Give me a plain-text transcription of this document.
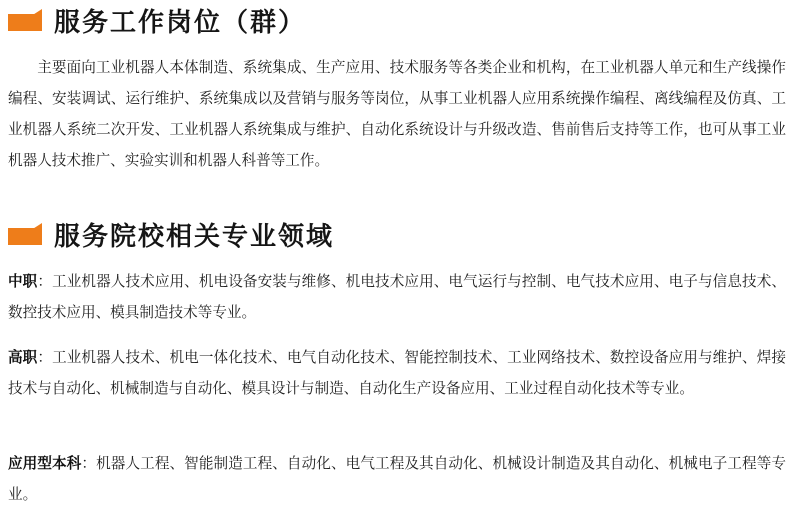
服务工作岗位（群）

主要面向工业机器人本体制造、系统集成、生产应用、技术服务等各类企业和机构，在工业机器人单元和生产线操作编程、安装调试、运行维护、系统集成以及营销与服务等岗位，从事工业机器人应用系统操作编程、离线编程及仿真、工业机器人系统二次开发、工业机器人系统集成与维护、自动化系统设计与升级改造、售前售后支持等工作，也可从事工业机器人技术推广、实验实训和机器人科普等工作。

服务院校相关专业领域

中职：工业机器人技术应用、机电设备安装与维修、机电技术应用、电气运行与控制、电气技术应用、电子与信息技术、数控技术应用、模具制造技术等专业。

高职：工业机器人技术、机电一体化技术、电气自动化技术、智能控制技术、工业网络技术、数控设备应用与维护、焊接技术与自动化、机械制造与自动化、模具设计与制造、自动化生产设备应用、工业过程自动化技术等专业。

应用型本科：机器人工程、智能制造工程、自动化、电气工程及其自动化、机械设计制造及其自动化、机械电子工程等专业。
